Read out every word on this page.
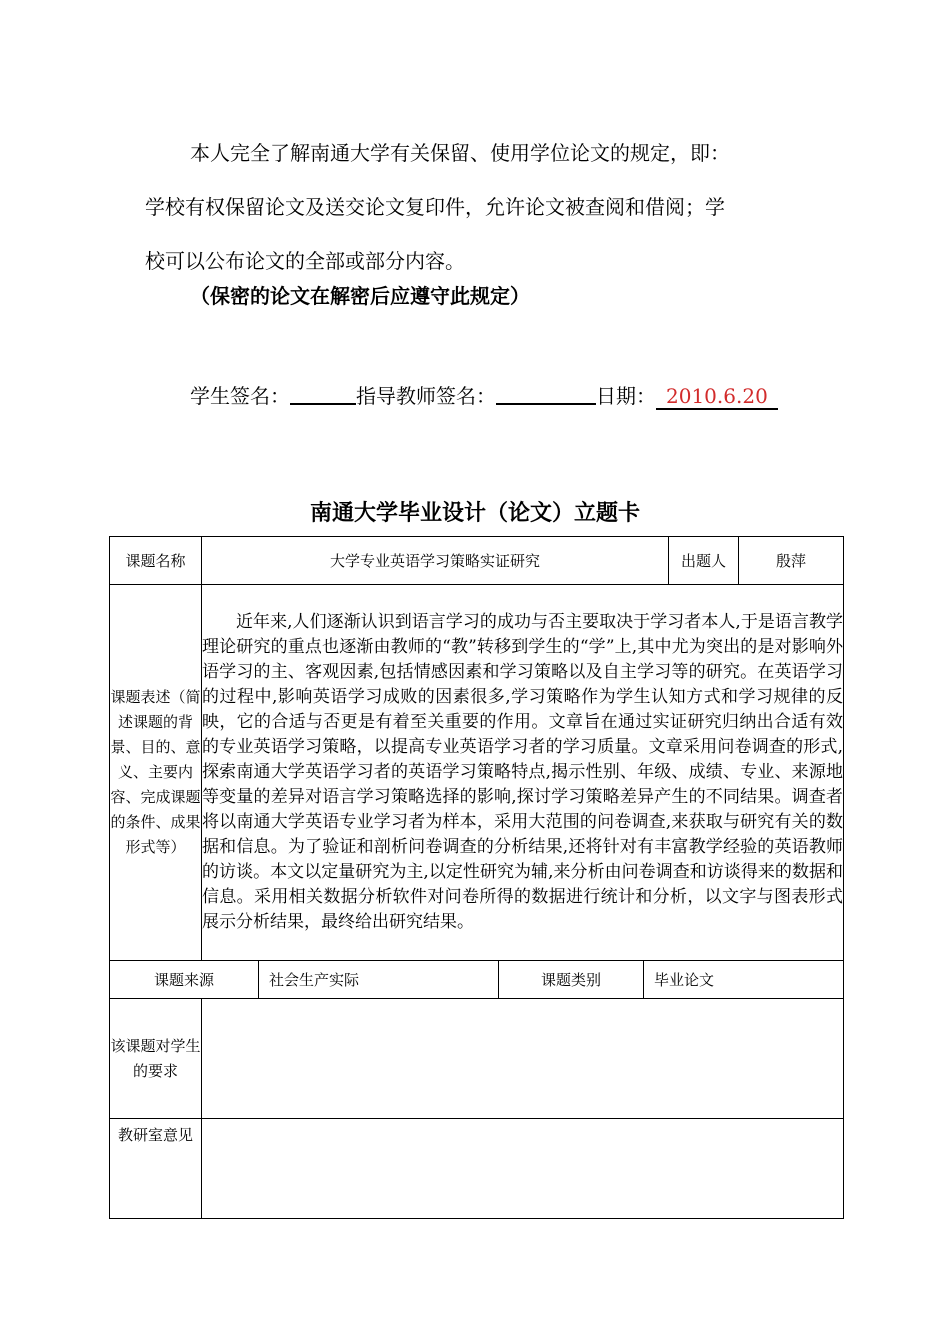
本人完全了解南通大学有关保留、使用学位论文的规定，即：
学校有权保留论文及送交论文复印件，允许论文被查阅和借阅；学
校可以公布论文的全部或部分内容。
（保密的论文在解密后应遵守此规定）
学生签名：	指导教师签名：	日期： 2010.6.20
南通大学毕业设计（论文）立题卡
课题名称	大学专业英语学习策略实证研究				出题人	殷萍
课题表述（简述课题的背景、目的、意义、主要内容、完成课题的条件、成果形式等）	近年来,人们逐渐认识到语言学习的成功与否主要取决于学习者本人,于是语言教学理论研究的重点也逐渐由教师的“教”转移到学生的“学”上,其中尤为突出的是对影响外语学习的主、客观因素,包括情感因素和学习策略以及自主学习等的研究。在英语学习的过程中,影响英语学习成败的因素很多,学习策略作为学生认知方式和学习规律的反映，它的合适与否更是有着至关重要的作用。文章旨在通过实证研究归纳出合适有效的专业英语学习策略，以提高专业英语学习者的学习质量。文章采用问卷调查的形式,探索南通大学英语学习者的英语学习策略特点,揭示性别、年级、成绩、专业、来源地等变量的差异对语言学习策略选择的影响,探讨学习策略差异产生的不同结果。调查者将以南通大学英语专业学习者为样本，采用大范围的问卷调查,来获取与研究有关的数据和信息。为了验证和剖析问卷调查的分析结果,还将针对有丰富教学经验的英语教师的访谈。本文以定量研究为主,以定性研究为辅,来分析由问卷调查和访谈得来的数据和信息。采用相关数据分析软件对问卷所得的数据进行统计和分析，以文字与图表形式展示分析结果，最终给出研究结果。					

课题来源		社会生产实际	课题类别	毕业论文		
该课题对学生的要求						
教研室意见						
